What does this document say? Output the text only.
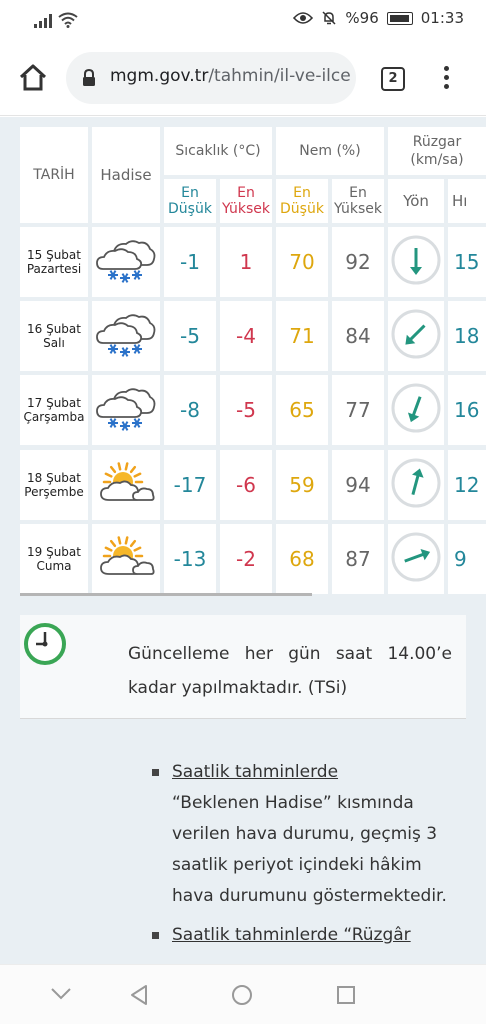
%96	01:33
mgm.gov.tr/tahmin/il-ve-ilce	2
TARİH	Hadise
Sıcaklık (°C)	Nem (%)
Rüzgar (km/sa)
En Düşük
En Yüksek
En Düşük
En Yüksek	Yön	Hı
15 Şubat
Pazartesi	-1	1	70	92	15
16 Şubat
Salı	-5	-4	71	84	18
17 Şubat
Çarşamba	-8	-5	65	77	16
18 Şubat
Perşembe	-17	-6	59	94	12
19 Şubat
Cuma	-13	-2	68	87	9
Güncelleme her gün saat 14.00’e kadar yapılmaktadır. (TSi)
Saatlik tahminlerde
“Beklenen Hadise” kısmında verilen hava durumu, geçmiş 3 saatlik periyot içindeki hâkim hava durumunu göstermektedir.
Saatlik tahminlerde “Rüzgâr
